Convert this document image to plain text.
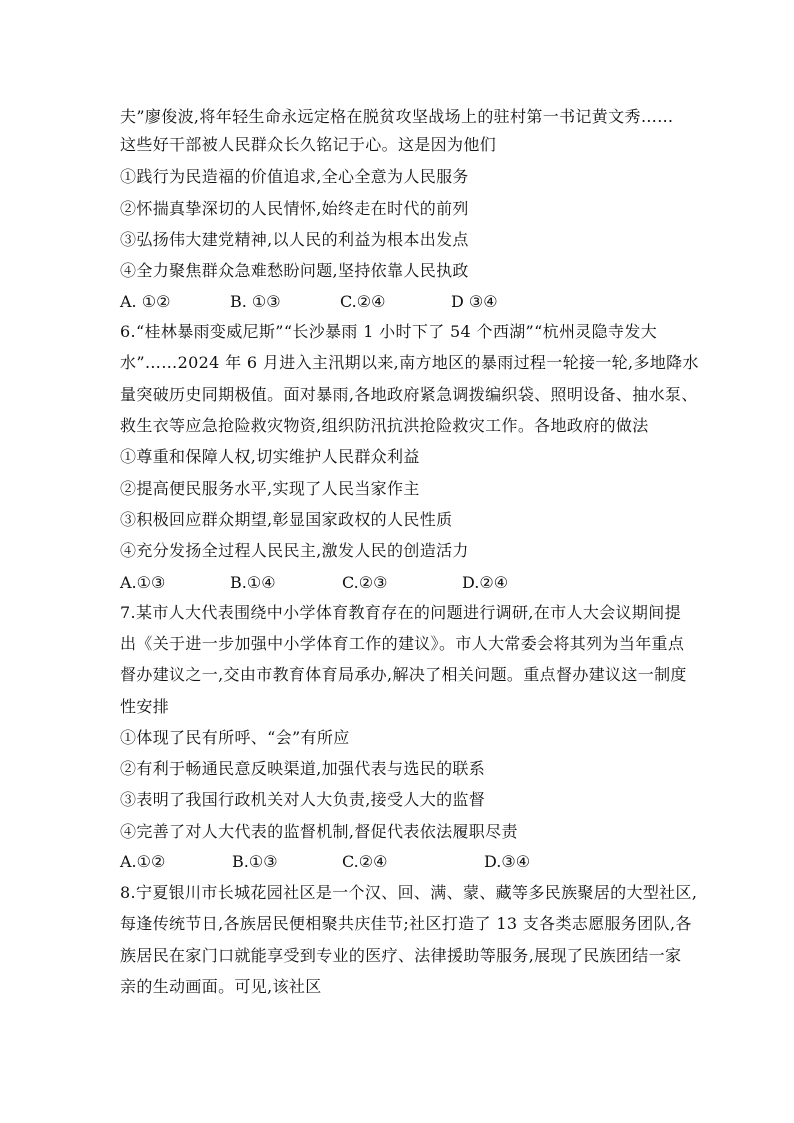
夫”廖俊波,将年轻生命永远定格在脱贫攻坚战场上的驻村第一书记黄文秀……
这些好干部被人民群众长久铭记于心。这是因为他们
①践行为民造福的价值追求,全心全意为人民服务
②怀揣真挚深切的人民情怀,始终走在时代的前列
③弘扬伟大建党精神,以人民的利益为根本出发点
④全力聚焦群众急难愁盼问题,坚持依靠人民执政
A. ①②	B. ①③	C.②④	D ③④
6.“桂林暴雨变威尼斯”“长沙暴雨 1 小时下了 54 个西湖”“杭州灵隐寺发大
水”……2024 年 6 月进入主汛期以来,南方地区的暴雨过程一轮接一轮,多地降水
量突破历史同期极值。面对暴雨,各地政府紧急调拨编织袋、照明设备、抽水泵、
救生衣等应急抢险救灾物资,组织防汛抗洪抢险救灾工作。各地政府的做法
①尊重和保障人权,切实维护人民群众利益
②提高便民服务水平,实现了人民当家作主
③积极回应群众期望,彰显国家政权的人民性质
④充分发扬全过程人民民主,激发人民的创造活力
A.①③	B.①④	C.②③	D.②④
7.某市人大代表围绕中小学体育教育存在的问题进行调研,在市人大会议期间提
出《关于进一步加强中小学体育工作的建议》。市人大常委会将其列为当年重点
督办建议之一,交由市教育体育局承办,解决了相关问题。重点督办建议这一制度
性安排
①体现了民有所呼、“会”有所应
②有利于畅通民意反映渠道,加强代表与选民的联系
③表明了我国行政机关对人大负责,接受人大的监督
④完善了对人大代表的监督机制,督促代表依法履职尽责
A.①②	B.①③	C.②④	D.③④
8.宁夏银川市长城花园社区是一个汉、回、满、蒙、藏等多民族聚居的大型社区,
每逢传统节日,各族居民便相聚共庆佳节;社区打造了 13 支各类志愿服务团队,各
族居民在家门口就能享受到专业的医疗、法律援助等服务,展现了民族团结一家
亲的生动画面。可见,该社区
